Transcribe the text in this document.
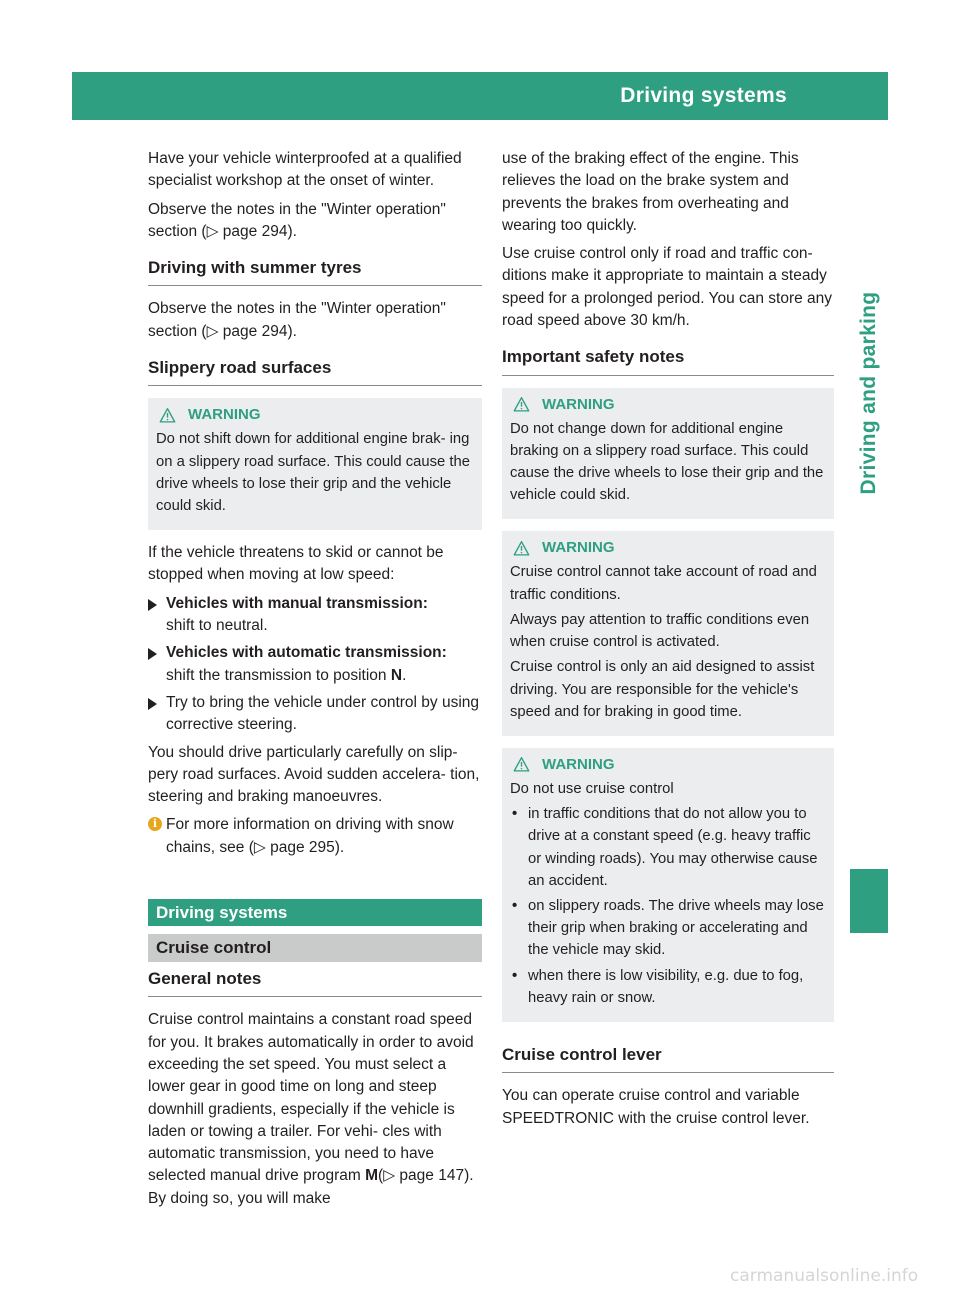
Driving systems	149
Driving and parking

Have your vehicle winterproofed at a qualified specialist workshop at the onset of winter.

Observe the notes in the "Winter operation" section (▷ page 294).

Driving with summer tyres

Observe the notes in the "Winter operation" section (▷ page 294).

Slippery road surfaces
WARNING

Do not shift down for additional engine brak- ing on a slippery road surface. This could cause the drive wheels to lose their grip and the vehicle could skid.

If the vehicle threatens to skid or cannot be stopped when moving at low speed:

Vehicles with manual transmission:
shift to neutral.
Vehicles with automatic transmission:
shift the transmission to position N.
Try to bring the vehicle under control by using corrective steering.

You should drive particularly carefully on slip- pery road surfaces. Avoid sudden accelera- tion, steering and braking manoeuvres.

i For more information on driving with snow chains, see (▷ page 295).
Driving systems
Cruise control
General notes

Cruise control maintains a constant road speed for you. It brakes automatically in order to avoid exceeding the set speed. You must select a lower gear in good time on long and steep downhill gradients, especially if the vehicle is laden or towing a trailer. For vehi- cles with automatic transmission, you need to have selected manual drive program M(▷ page 147). By doing so, you will make

use of the braking effect of the engine. This relieves the load on the brake system and prevents the brakes from overheating and wearing too quickly.

Use cruise control only if road and traffic con- ditions make it appropriate to maintain a steady speed for a prolonged period. You can store any road speed above 30 km/h.

Important safety notes
WARNING

Do not change down for additional engine braking on a slippery road surface. This could cause the drive wheels to lose their grip and the vehicle could skid.

WARNING

Cruise control cannot take account of road and traffic conditions.

Always pay attention to traffic conditions even when cruise control is activated.

Cruise control is only an aid designed to assist driving. You are responsible for the vehicle's speed and for braking in good time.

WARNING

Do not use cruise control

• in traffic conditions that do not allow you to drive at a constant speed (e.g. heavy traffic or winding roads). You may otherwise cause an accident.
• on slippery roads. The drive wheels may lose their grip when braking or accelerating and the vehicle may skid.
• when there is low visibility, e.g. due to fog, heavy rain or snow.
Cruise control lever

You can operate cruise control and variable SPEEDTRONIC with the cruise control lever.

carmanualsonline.info
